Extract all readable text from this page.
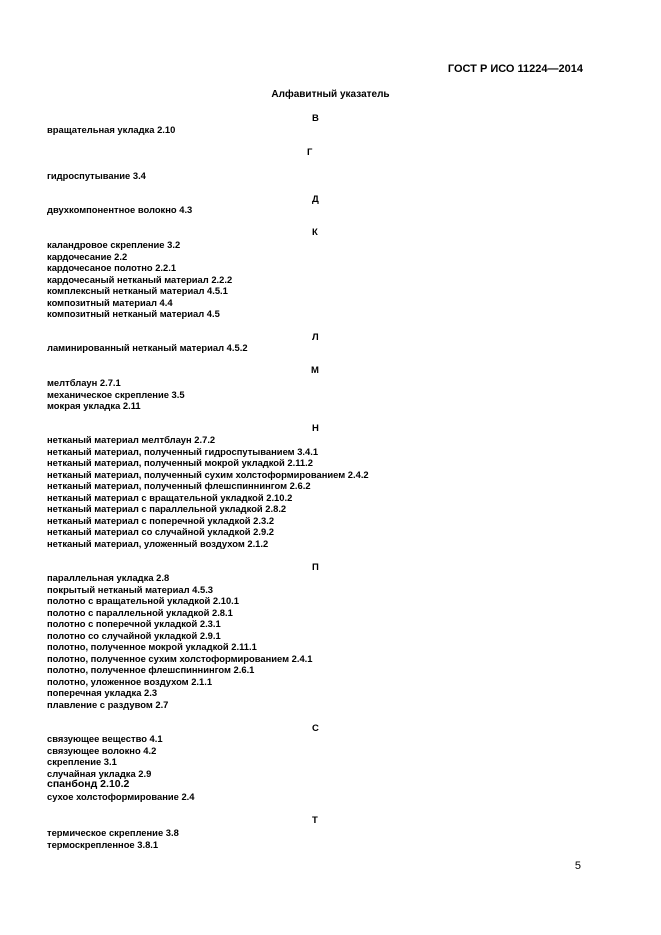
ГОСТ Р ИСО 11224—2014
Алфавитный указатель
В
вращательная укладка 2.10
Г
гидроспутывание 3.4
Д
двухкомпонентное волокно 4.3
К
каландровое скрепление 3.2
кардочесание 2.2
кардочесаное полотно 2.2.1
кардочесаный нетканый материал 2.2.2
комплексный нетканый материал 4.5.1
композитный материал 4.4
композитный нетканый материал 4.5
Л
ламинированный нетканый материал 4.5.2
М
мелтблаун 2.7.1
механическое скрепление 3.5
мокрая укладка 2.11
Н
нетканый материал мелтблаун 2.7.2
нетканый материал, полученный гидроспутыванием 3.4.1
нетканый материал, полученный мокрой укладкой 2.11.2
нетканый материал, полученный сухим холстоформированием 2.4.2
нетканый материал, полученный флешспиннингом 2.6.2
нетканый материал с вращательной укладкой 2.10.2
нетканый материал с параллельной укладкой 2.8.2
нетканый материал с поперечной укладкой 2.3.2
нетканый материал со случайной укладкой 2.9.2
нетканый материал, уложенный воздухом 2.1.2
П
параллельная укладка 2.8
покрытый нетканый материал 4.5.3
полотно с вращательной укладкой 2.10.1
полотно с параллельной укладкой 2.8.1
полотно с поперечной укладкой 2.3.1
полотно со случайной укладкой 2.9.1
полотно, полученное мокрой укладкой 2.11.1
полотно, полученное сухим холстоформированием 2.4.1
полотно, полученное флешспиннингом 2.6.1
полотно, уложенное воздухом 2.1.1
поперечная укладка 2.3
плавление с раздувом 2.7
С
связующее вещество 4.1
связующее волокно 4.2
скрепление 3.1
случайная укладка 2.9
спанбонд 2.10.2
сухое холстоформирование 2.4
Т
термическое скрепление 3.8
термоскрепленное 3.8.1
5
